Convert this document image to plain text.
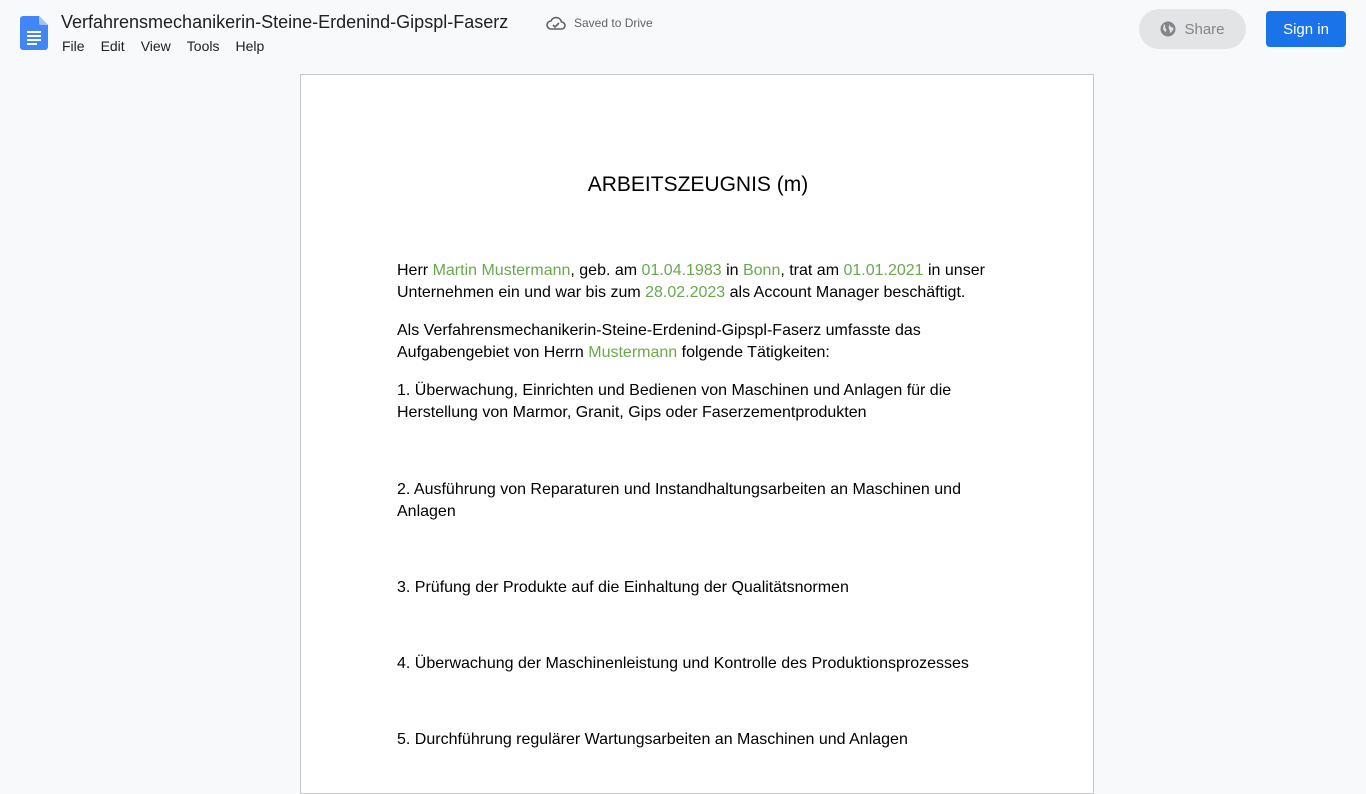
Verfahrensmechanikerin-Steine-Erdenind-Gipspl-Faserz	Saved to Drive
File	Edit	View	Tools	Help
Share	Sign in
ARBEITSZEUGNIS (m)
Herr Martin Mustermann, geb. am 01.04.1983 in Bonn, trat am 01.01.2021 in unser Unternehmen ein und war bis zum 28.02.2023 als Account Manager beschäftigt.
Als Verfahrensmechanikerin-Steine-Erdenind-Gipspl-Faserz umfasste das Aufgabengebiet von Herrn Mustermann folgende Tätigkeiten:
1. Überwachung, Einrichten und Bedienen von Maschinen und Anlagen für die Herstellung von Marmor, Granit, Gips oder Faserzementprodukten
2. Ausführung von Reparaturen und Instandhaltungsarbeiten an Maschinen und Anlagen
3. Prüfung der Produkte auf die Einhaltung der Qualitätsnormen
4. Überwachung der Maschinenleistung und Kontrolle des Produktionsprozesses
5. Durchführung regulärer Wartungsarbeiten an Maschinen und Anlagen
